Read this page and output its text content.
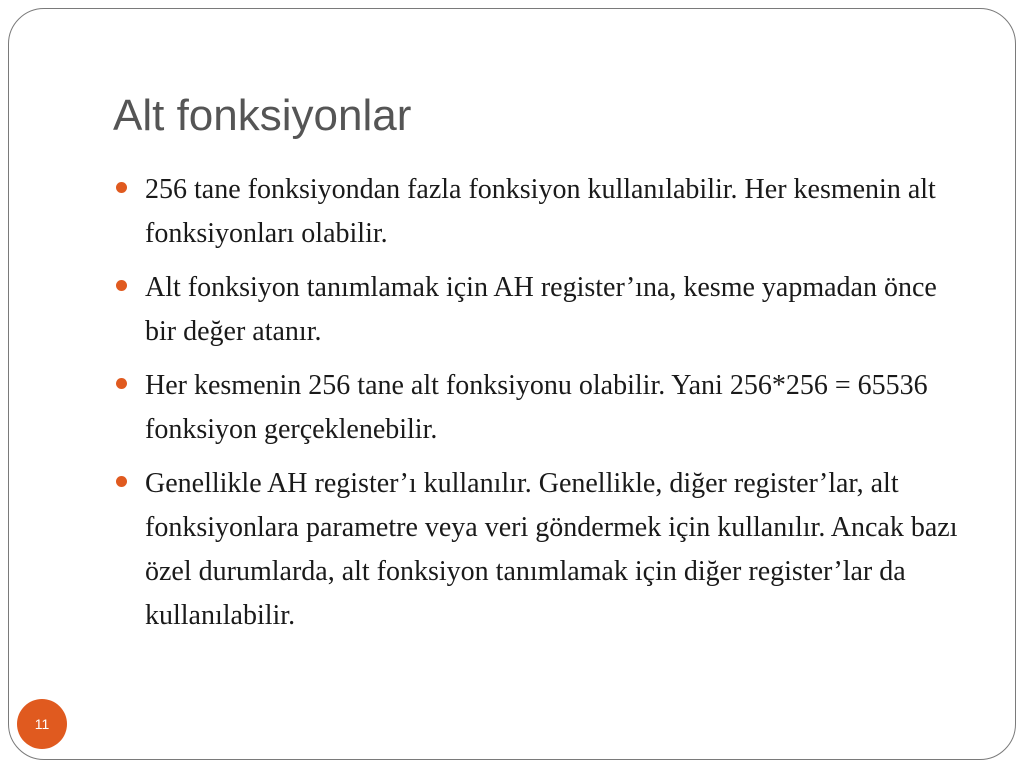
Alt fonksiyonlar
256 tane fonksiyondan fazla fonksiyon kullanılabilir. Her kesmenin alt fonksiyonları olabilir.
Alt fonksiyon tanımlamak için AH register’ına, kesme yapmadan önce bir değer atanır.
Her kesmenin 256 tane alt fonksiyonu olabilir. Yani 256*256 = 65536 fonksiyon gerçeklenebilir.
Genellikle AH register’ı kullanılır. Genellikle, diğer register’lar, alt fonksiyonlara parametre veya veri göndermek için kullanılır. Ancak bazı özel durumlarda, alt fonksiyon tanımlamak için diğer register’lar da kullanılabilir.
11
